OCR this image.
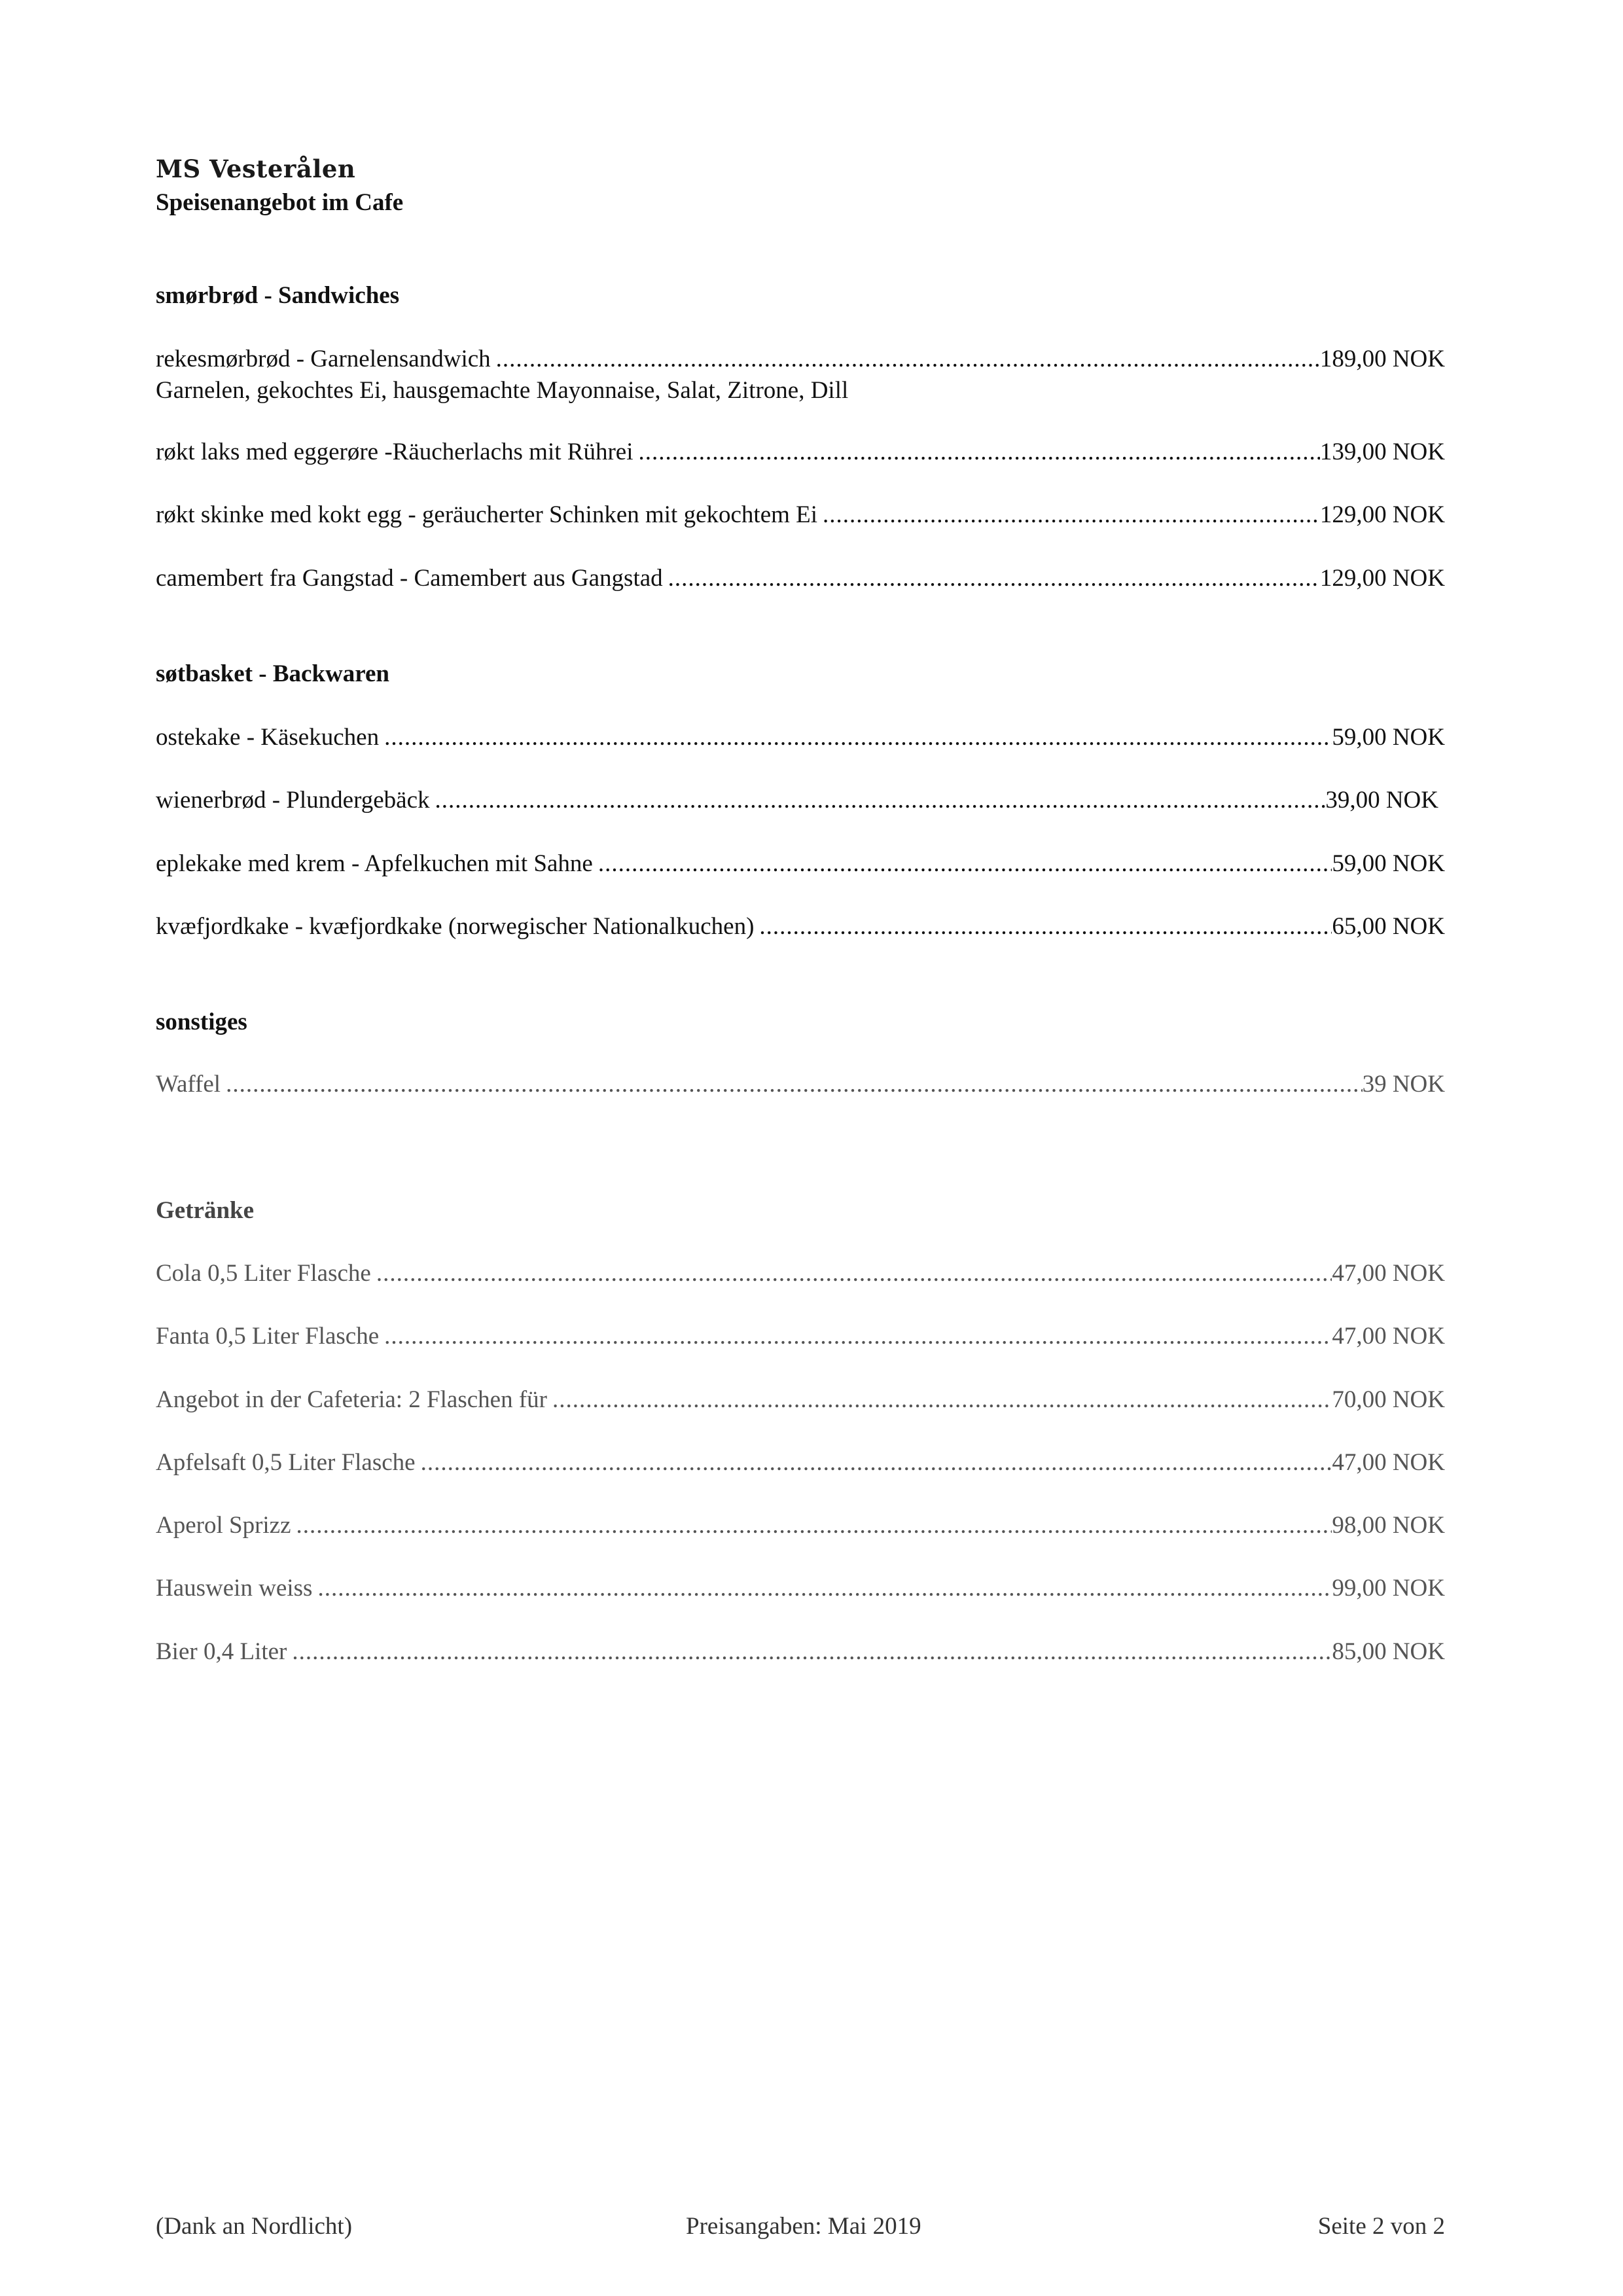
MS Vesterålen
Speisenangebot im Cafe
smørbrød - Sandwiches
rekesmørbrød - Garnelensandwich .....	189,00 NOK
Garnelen, gekochtes Ei, hausgemachte Mayonnaise, Salat, Zitrone, Dill
røkt laks med eggerøre -Räucherlachs mit Rührei .....	139,00 NOK
røkt skinke med kokt egg - geräucherter Schinken mit gekochtem Ei .....	129,00 NOK
camembert fra Gangstad - Camembert aus Gangstad .....	129,00 NOK
søtbasket - Backwaren
ostekake - Käsekuchen .....	59,00 NOK
wienerbrød - Plundergebäck .....	39,00 NOK
eplekake med krem - Apfelkuchen mit Sahne .....	59,00 NOK
kvæfjordkake - kvæfjordkake (norwegischer Nationalkuchen) .....	65,00 NOK
sonstiges
Waffel .....	39 NOK
Getränke
Cola 0,5 Liter Flasche .....	47,00 NOK
Fanta 0,5 Liter Flasche .....	47,00 NOK
Angebot in der Cafeteria: 2 Flaschen für .....	70,00 NOK
Apfelsaft 0,5 Liter Flasche .....	47,00 NOK
Aperol Sprizz .....	98,00 NOK
Hauswein weiss .....	99,00 NOK
Bier 0,4 Liter .....	85,00 NOK
(Dank an Nordlicht)	Preisangaben: Mai 2019	Seite 2 von 2
